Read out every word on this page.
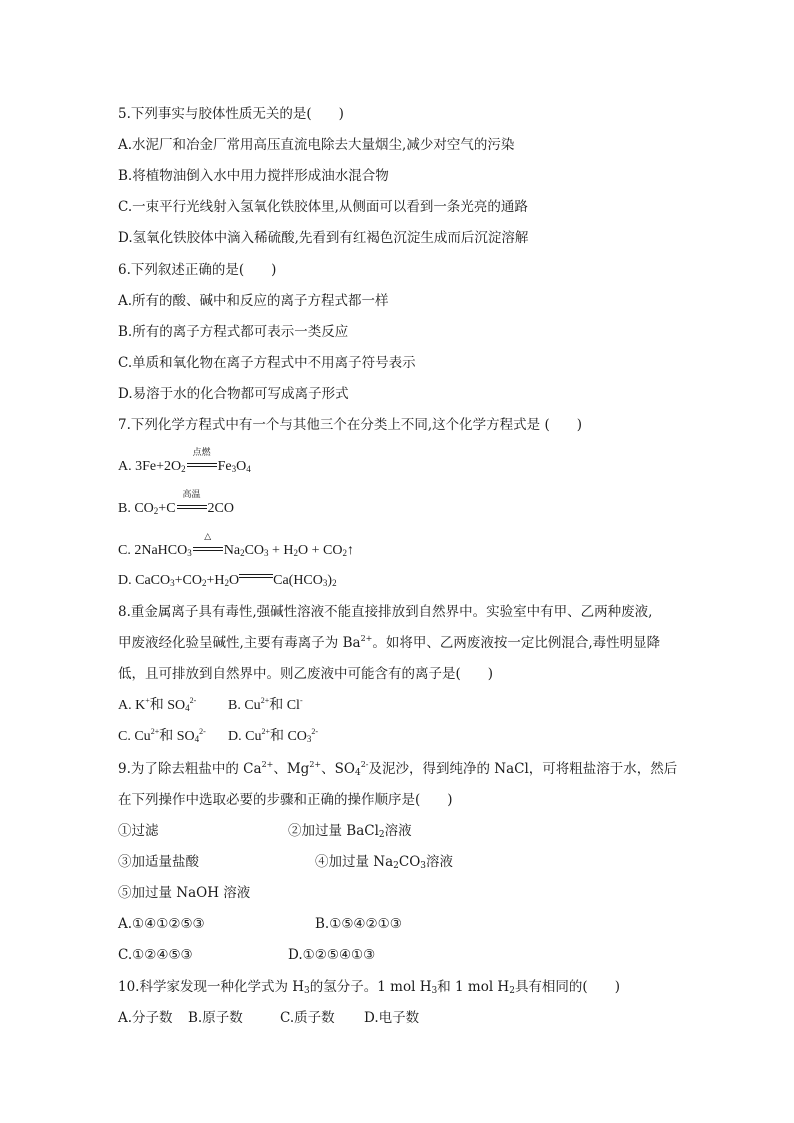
5.下列事实与胶体性质无关的是(　　)
A.水泥厂和冶金厂常用高压直流电除去大量烟尘,减少对空气的污染
B.将植物油倒入水中用力搅拌形成油水混合物
C.一束平行光线射入氢氧化铁胶体里,从侧面可以看到一条光亮的通路
D.氢氧化铁胶体中滴入稀硫酸,先看到有红褐色沉淀生成而后沉淀溶解
6.下列叙述正确的是(　　)
A.所有的酸、碱中和反应的离子方程式都一样
B.所有的离子方程式都可表示一类反应
C.单质和氧化物在离子方程式中不用离子符号表示
D.易溶于水的化合物都可写成离子形式
7.下列化学方程式中有一个与其他三个在分类上不同,这个化学方程式是 (　　)
A. $3Fe+2O_2$
点燃
$Fe_3O_4$
B. $CO_2+C$
高温
2CO
C. 2NaHCO$_3$
△
$Na_2CO_3 + H_2O$ + $CO_2↑$
D. $CaCO_3+CO_2+H_2O$ $Ca(HCO_3)_2$
8.重金属离子具有毒性,强碱性溶液不能直接排放到自然界中。实验室中有甲、乙两种废液,
甲废液经化验呈碱性,主要有毒离子为 $Ba^{2+}$。如将甲、乙两废液按一定比例混合,毒性明显降
低，且可排放到自然界中。则乙废液中可能含有的离子是(　　)
A. K+和 $SO_4^{2-}$ B. $Cu^{2+}$和 Cl-
C. $Cu^{2+}$和 $SO_4^{2-}$ D. $Cu^{2+}$和 $CO_3^{2-}$
9.为了除去粗盐中的 $Ca^{2+}$、$Mg^{2+}$、$SO_4^{2-}$及泥沙，得到纯净的 NaCl，可将粗盐溶于水，然后
在下列操作中选取必要的步骤和正确的操作顺序是(　　)
①过滤	②加过量 BaCl$_2$溶液
③加适量盐酸	④加过量 $Na_2CO_3$溶液
⑤加过量 NaOH 溶液
A.①④①②⑤③	B.①⑤④②①③
C.①②④⑤③	D.①②⑤④①③
10.科学家发现一种化学式为 $H_3$的氢分子。1 mol $H_3$和 1 mol $H_2$具有相同的(　　)
A.分子数 B.原子数	C.质子数 D.电子数
